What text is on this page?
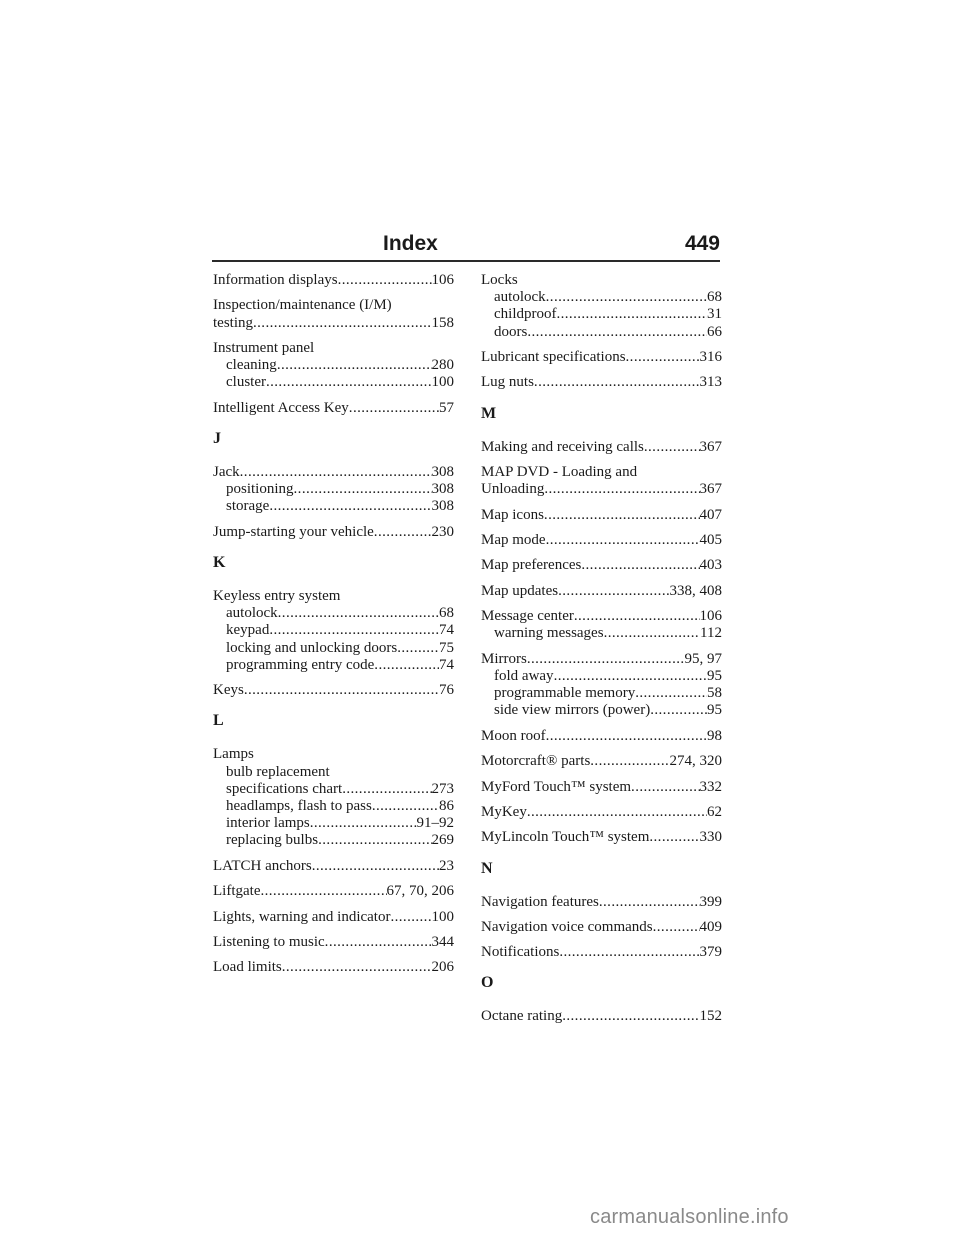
Index	449
Information displays .....	106
Inspection/maintenance (I/M)
testing .....	158
Instrument panel
cleaning .....	280
cluster .....	100
Intelligent Access Key .....	57
J
Jack .....	308
positioning .....	308
storage .....	308
Jump-starting your vehicle .....	230
K
Keyless entry system
autolock .....	68
keypad .....	74
locking and unlocking doors .....	75
programming entry code .....	74
Keys .....	76
L
Lamps
bulb replacement
specifications chart .....	273
headlamps, flash to pass .....	86
interior lamps .....	91–92
replacing bulbs .....	269
LATCH anchors .....	23
Liftgate .....	67, 70, 206
Lights, warning and indicator .....	100
Listening to music .....	344
Load limits .....	206
Locks
autolock .....	68
childproof .....	31
doors .....	66
Lubricant specifications .....	316
Lug nuts .....	313
M
Making and receiving calls .....	367
MAP DVD - Loading and
Unloading .....	367
Map icons .....	407
Map mode .....	405
Map preferences .....	403
Map updates .....	338, 408
Message center .....	106
warning messages .....	112
Mirrors .....	95, 97
fold away .....	95
programmable memory .....	58
side view mirrors (power) .....	95
Moon roof .....	98
Motorcraft® parts .....	274, 320
MyFord Touch™ system .....	332
MyKey .....	62
MyLincoln Touch™ system .....	330
N
Navigation features .....	399
Navigation voice commands .....	409
Notifications .....	379
O
Octane rating .....	152
carmanualsonline.info
